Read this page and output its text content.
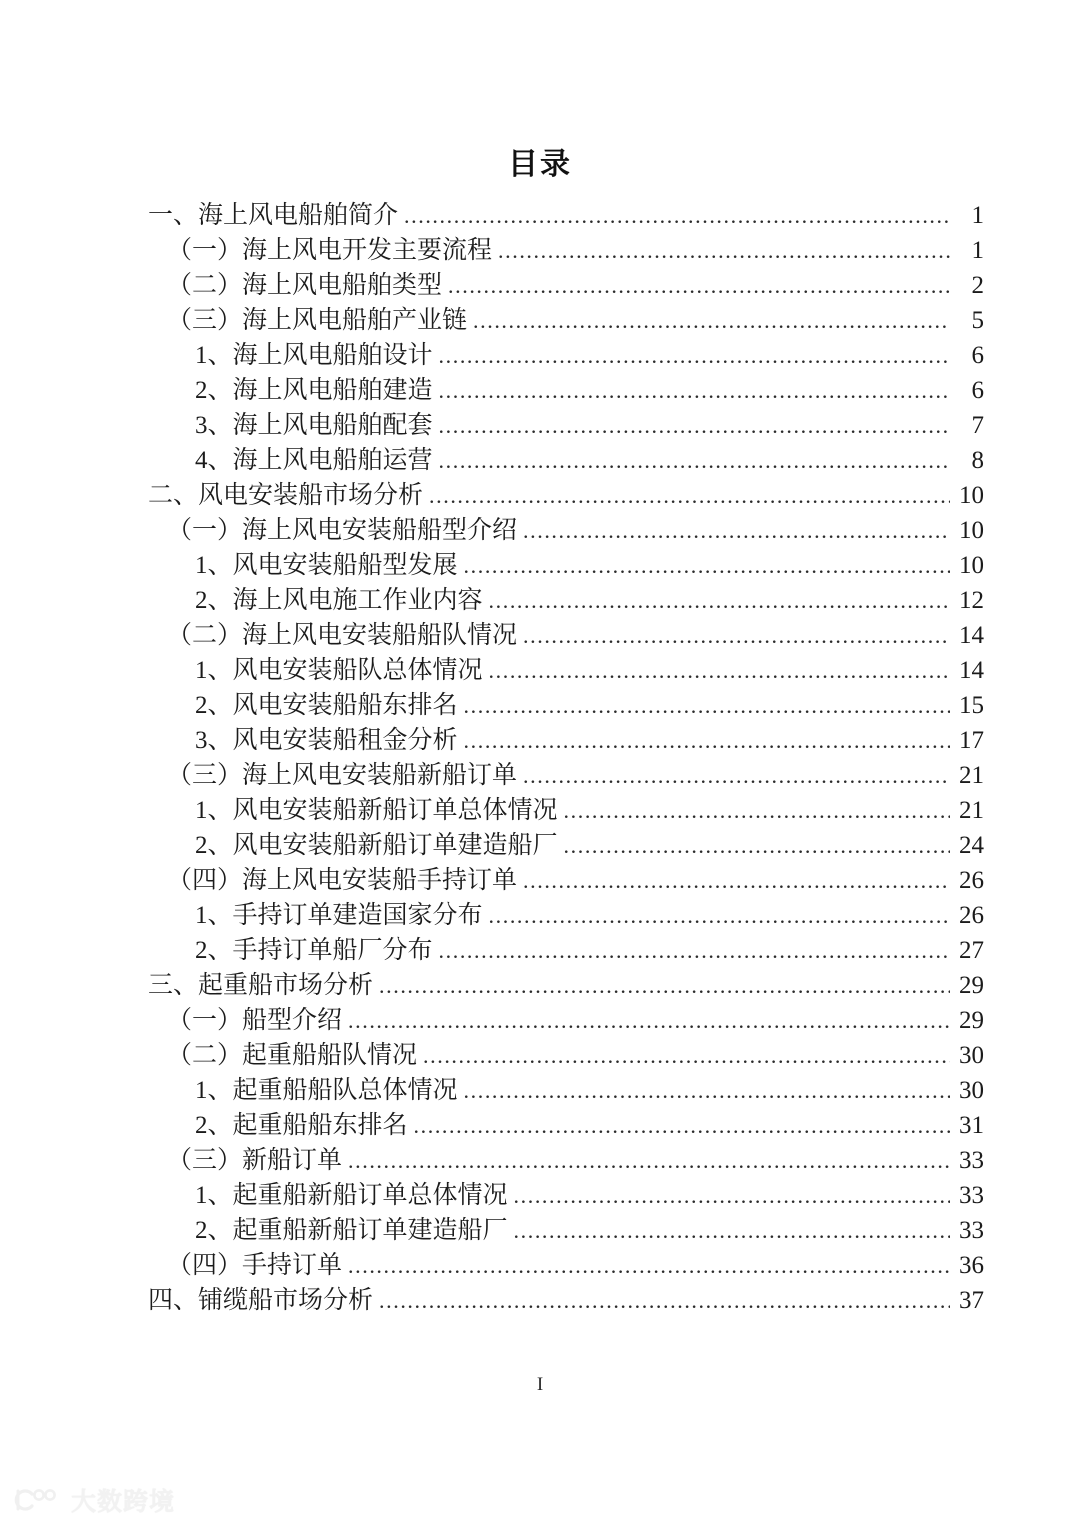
目录
一、海上风电船舶简介 .....	1
（一）海上风电开发主要流程 .....	1
（二）海上风电船舶类型 .....	2
（三）海上风电船舶产业链 .....	5
1、海上风电船舶设计 .....	6
2、海上风电船舶建造 .....	6
3、海上风电船舶配套 .....	7
4、海上风电船舶运营 .....	8
二、风电安装船市场分析 .....	10
（一）海上风电安装船船型介绍 .....	10
1、风电安装船船型发展 .....	10
2、海上风电施工作业内容 .....	12
（二）海上风电安装船船队情况 .....	14
1、风电安装船队总体情况 .....	14
2、风电安装船船东排名 .....	15
3、风电安装船租金分析 .....	17
（三）海上风电安装船新船订单 .....	21
1、风电安装船新船订单总体情况 .....	21
2、风电安装船新船订单建造船厂 .....	24
（四）海上风电安装船手持订单 .....	26
1、手持订单建造国家分布 .....	26
2、手持订单船厂分布 .....	27
三、起重船市场分析 .....	29
（一）船型介绍 .....	29
（二）起重船船队情况 .....	30
1、起重船船队总体情况 .....	30
2、起重船船东排名 .....	31
（三）新船订单 .....	33
1、起重船新船订单总体情况 .....	33
2、起重船新船订单建造船厂 .....	33
（四）手持订单 .....	36
四、铺缆船市场分析 .....	37
I
大数跨境
